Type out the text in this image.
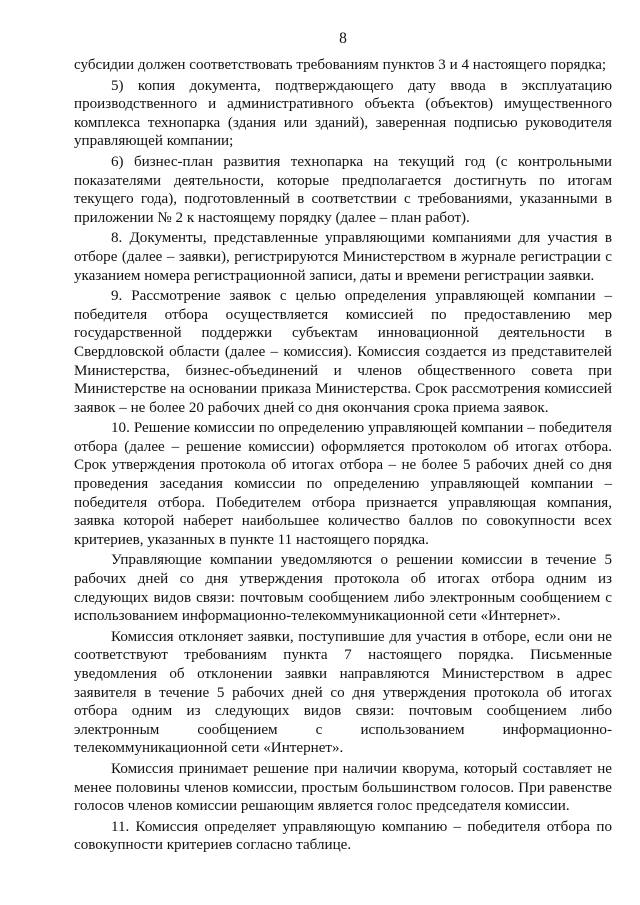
8

субсидии должен соответствовать требованиям пунктов 3 и 4 настоящего порядка;

5) копия документа, подтверждающего дату ввода в эксплуатацию производственного и административного объекта (объектов) имущественного комплекса технопарка (здания или зданий), заверенная подписью руководителя управляющей компании;

6) бизнес-план развития технопарка на текущий год (с контрольными показателями деятельности, которые предполагается достигнуть по итогам текущего года), подготовленный в соответствии с требованиями, указанными в приложении № 2 к настоящему порядку (далее – план работ).

8. Документы, представленные управляющими компаниями для участия в отборе (далее – заявки), регистрируются Министерством в журнале регистрации с указанием номера регистрационной записи, даты и времени регистрации заявки.

9. Рассмотрение заявок с целью определения управляющей компании – победителя отбора осуществляется комиссией по предоставлению мер государственной поддержки субъектам инновационной деятельности в Свердловской области (далее – комиссия). Комиссия создается из представителей Министерства, бизнес-объединений и членов общественного совета при Министерстве на основании приказа Министерства. Срок рассмотрения комиссией заявок – не более 20 рабочих дней со дня окончания срока приема заявок.

10. Решение комиссии по определению управляющей компании – победителя отбора (далее – решение комиссии) оформляется протоколом об итогах отбора. Срок утверждения протокола об итогах отбора – не более 5 рабочих дней со дня проведения заседания комиссии по определению управляющей компании – победителя отбора. Победителем отбора признается управляющая компания, заявка которой наберет наибольшее количество баллов по совокупности всех критериев, указанных в пункте 11 настоящего порядка.

Управляющие компании уведомляются о решении комиссии в течение 5 рабочих дней со дня утверждения протокола об итогах отбора одним из следующих видов связи: почтовым сообщением либо электронным сообщением с использованием информационно-телекоммуникационной сети «Интернет».

Комиссия отклоняет заявки, поступившие для участия в отборе, если они не соответствуют требованиям пункта 7 настоящего порядка. Письменные уведомления об отклонении заявки направляются Министерством в адрес заявителя в течение 5 рабочих дней со дня утверждения протокола об итогах отбора одним из следующих видов связи: почтовым сообщением либо электронным сообщением с использованием информационно-телекоммуникационной сети «Интернет».

Комиссия принимает решение при наличии кворума, который составляет не менее половины членов комиссии, простым большинством голосов. При равенстве голосов членов комиссии решающим является голос председателя комиссии.

11. Комиссия определяет управляющую компанию – победителя отбора по совокупности критериев согласно таблице.
